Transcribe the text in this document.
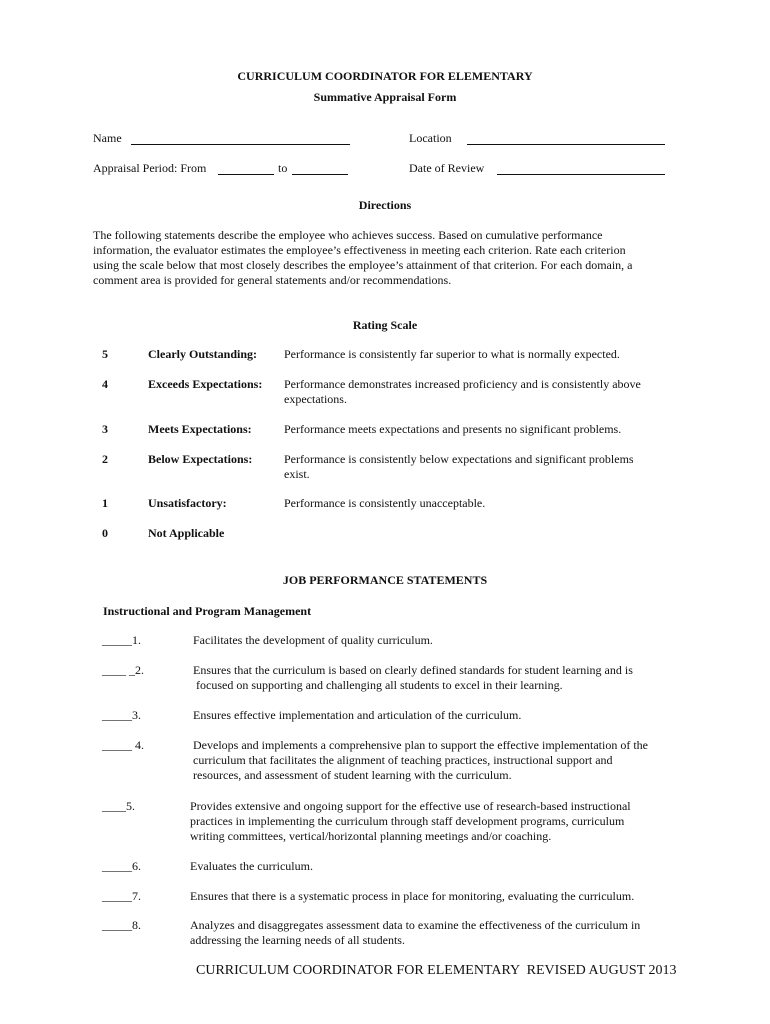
CURRICULUM COORDINATOR FOR ELEMENTARY
Summative Appraisal Form
Name	Location
Appraisal Period: From	to	Date of Review
Directions
The following statements describe the employee who achieves success. Based on cumulative performance
information, the evaluator estimates the employee’s effectiveness in meeting each criterion. Rate each criterion
using the scale below that most closely describes the employee’s attainment of that criterion. For each domain, a
comment area is provided for general statements and/or recommendations.
Rating Scale
5	Clearly Outstanding: Performance is consistently far superior to what is normally expected.
4	Exceeds Expectations: Performance demonstrates increased proficiency and is consistently above
expectations.
3	Meets Expectations:	Performance meets expectations and presents no significant problems.
2	Below Expectations:	Performance is consistently below expectations and significant problems
exist.
1	Unsatisfactory:	Performance is consistently unacceptable.
0	Not Applicable
JOB PERFORMANCE STATEMENTS
Instructional and Program Management
_____1.	Facilitates the development of quality curriculum.
____ _2.	Ensures that the curriculum is based on clearly defined standards for student learning and is
focused on supporting and challenging all students to excel in their learning.
_____3.	Ensures effective implementation and articulation of the curriculum.
_____ 4.	Develops and implements a comprehensive plan to support the effective implementation of the
curriculum that facilitates the alignment of teaching practices, instructional support and
resources, and assessment of student learning with the curriculum.
____5.	Provides extensive and ongoing support for the effective use of research-based instructional
practices in implementing the curriculum through staff development programs, curriculum
writing committees, vertical/horizontal planning meetings and/or coaching.
_____6.	Evaluates the curriculum.
_____7.	Ensures that there is a systematic process in place for monitoring, evaluating the curriculum.
_____8.	Analyzes and disaggregates assessment data to examine the effectiveness of the curriculum in
addressing the learning needs of all students.
CURRICULUM COORDINATOR FOR ELEMENTARY  REVISED AUGUST 2013
